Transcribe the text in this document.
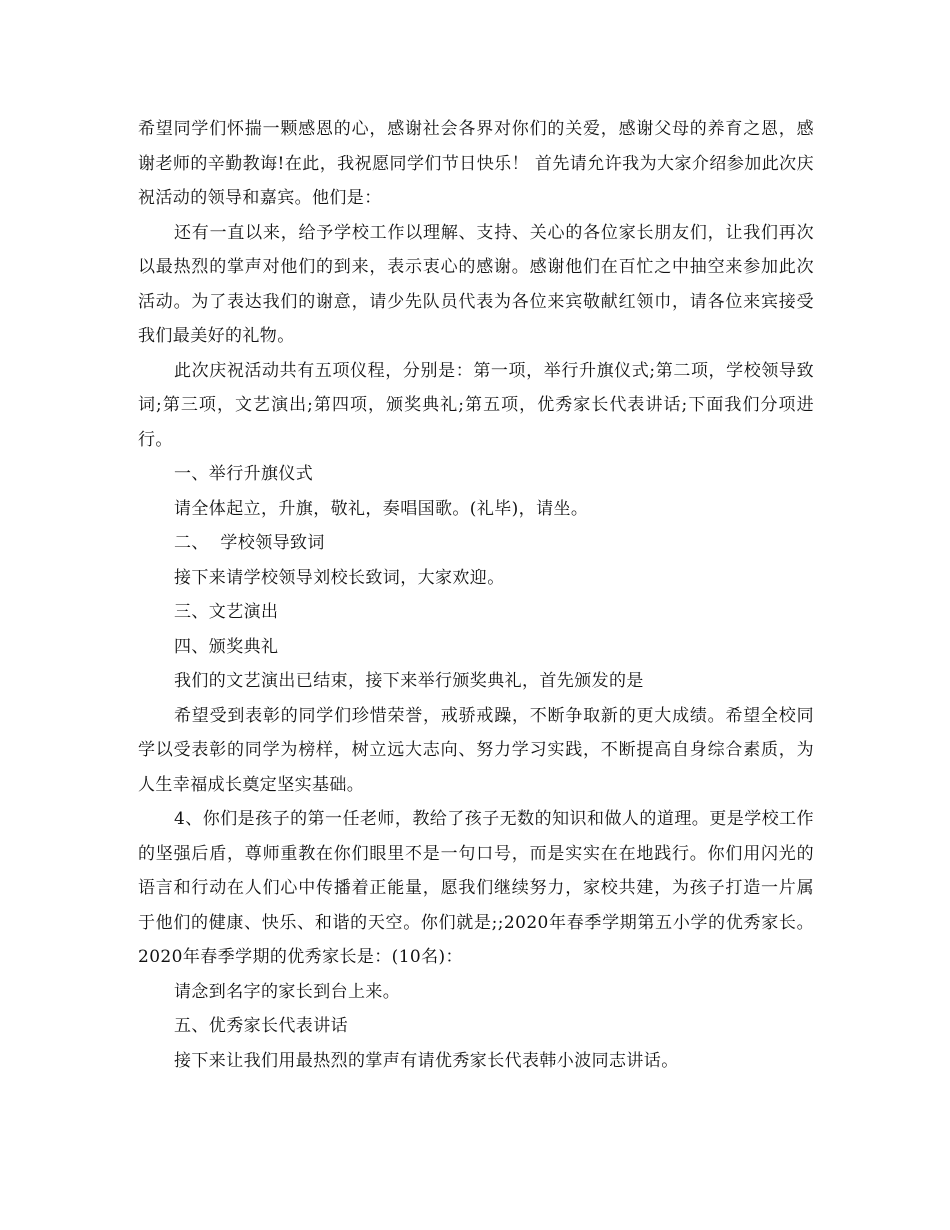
希望同学们怀揣一颗感恩的心，感谢社会各界对你们的关爱，感谢父母的养育之恩，感谢老师的辛勤教诲!在此，我祝愿同学们节日快乐！ 首先请允许我为大家介绍参加此次庆祝活动的领导和嘉宾。他们是：

还有一直以来，给予学校工作以理解、支持、关心的各位家长朋友们，让我们再次以最热烈的掌声对他们的到来，表示衷心的感谢。感谢他们在百忙之中抽空来参加此次活动。为了表达我们的谢意，请少先队员代表为各位来宾敬献红领巾，请各位来宾接受我们最美好的礼物。

此次庆祝活动共有五项仪程，分别是：第一项，举行升旗仪式;第二项，学校领导致词;第三项，文艺演出;第四项，颁奖典礼;第五项，优秀家长代表讲话;下面我们分项进行。

一、举行升旗仪式

请全体起立，升旗，敬礼，奏唱国歌。(礼毕)，请坐。

二、  学校领导致词

接下来请学校领导刘校长致词，大家欢迎。

三、文艺演出

四、颁奖典礼

我们的文艺演出已结束，接下来举行颁奖典礼，首先颁发的是

希望受到表彰的同学们珍惜荣誉，戒骄戒躁，不断争取新的更大成绩。希望全校同学以受表彰的同学为榜样，树立远大志向、努力学习实践，不断提高自身综合素质，为人生幸福成长奠定坚实基础。

4、你们是孩子的第一任老师，教给了孩子无数的知识和做人的道理。更是学校工作的坚强后盾，尊师重教在你们眼里不是一句口号，而是实实在在地践行。你们用闪光的语言和行动在人们心中传播着正能量，愿我们继续努力，家校共建，为孩子打造一片属于他们的健康、快乐、和谐的天空。你们就是;;2020年春季学期第五小学的优秀家长。2020年春季学期的优秀家长是：(10名)：

请念到名字的家长到台上来。

五、优秀家长代表讲话

接下来让我们用最热烈的掌声有请优秀家长代表韩小波同志讲话。
